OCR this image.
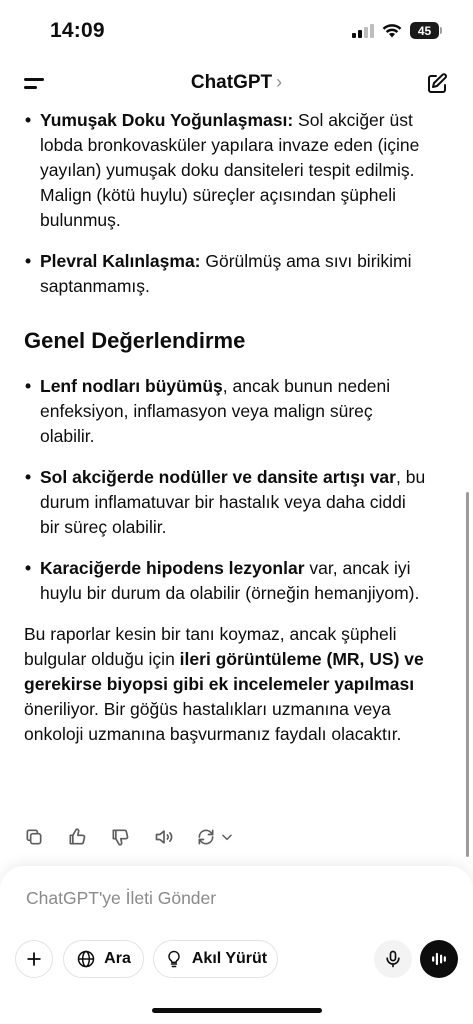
14:09	45
ChatGPT ›
• Yumuşak Doku Yoğunlaşması: Sol akciğer üst lobda bronkovasküler yapılara invaze eden (içine yayılan) yumuşak doku dansiteleri tespit edilmiş. Malign (kötü huylu) süreçler açısından şüpheli bulunmuş.
• Plevral Kalınlaşma: Görülmüş ama sıvı birikimi saptanmamış.
Genel Değerlendirme
• Lenf nodları büyümüş, ancak bunun nedeni enfeksiyon, inflamasyon veya malign süreç olabilir.
• Sol akciğerde nodüller ve dansite artışı var, bu durum inflamatuvar bir hastalık veya daha ciddi bir süreç olabilir.
• Karaciğerde hipodens lezyonlar var, ancak iyi huylu bir durum da olabilir (örneğin hemanjiyom).

Bu raporlar kesin bir tanı koymaz, ancak şüpheli bulgular olduğu için ileri görüntüleme (MR, US) ve gerekirse biyopsi gibi ek incelemeler yapılması öneriliyor. Bir göğüs hastalıkları uzmanına veya onkoloji uzmanına başvurmanız faydalı olacaktır.

ChatGPT'ye İleti Gönder
Ara	Akıl Yürüt
